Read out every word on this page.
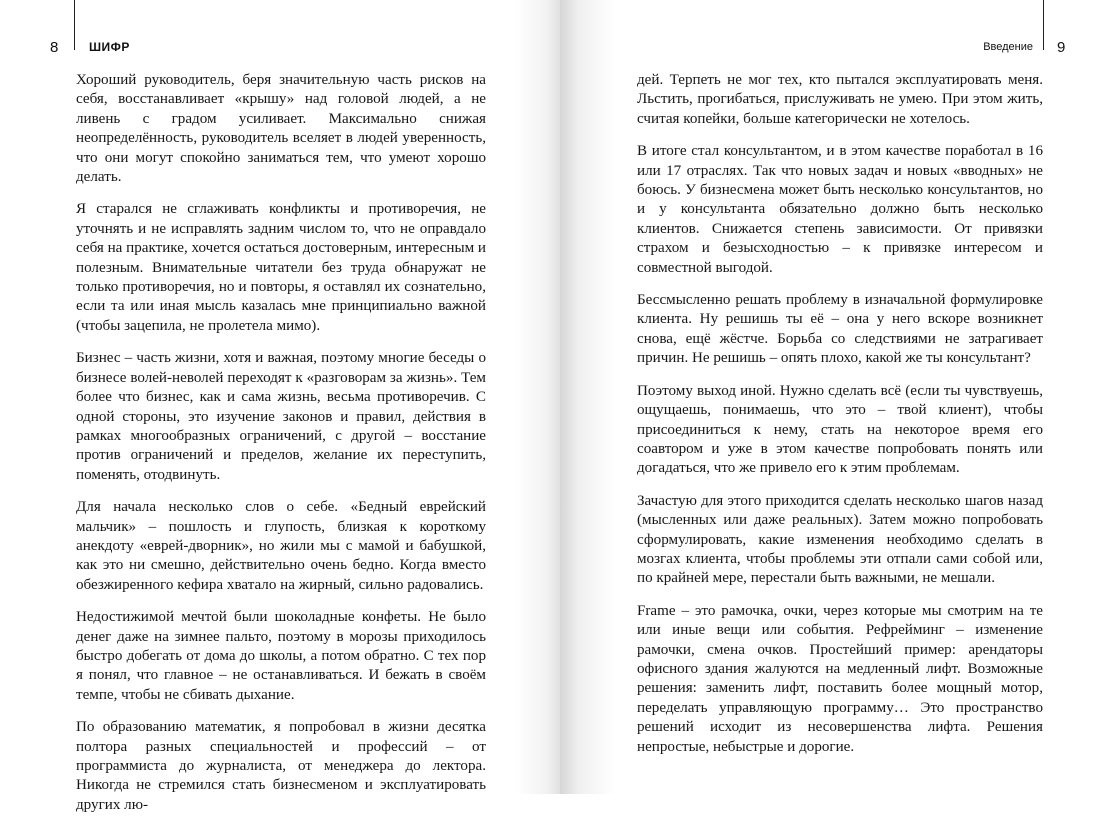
8	ШИФР

Хороший руководитель, беря значительную часть рисков на себя, восстанавливает «крышу» над головой людей, а не ливень с градом усиливает. Максимально снижая неопределённость, руководитель вселяет в людей уверенность, что они могут спокойно заниматься тем, что умеют хорошо делать.

Я старался не сглаживать конфликты и противоречия, не уточнять и не исправлять задним числом то, что не оправдало себя на практике, хочется остаться достоверным, интересным и полезным. Внимательные читатели без труда обнаружат не только противоречия, но и повторы, я оставлял их сознательно, если та или иная мысль казалась мне принципиально важной (чтобы зацепила, не пролетела мимо).

Бизнес – часть жизни, хотя и важная, поэтому многие беседы о бизнесе волей-неволей переходят к «разговорам за жизнь». Тем более что бизнес, как и сама жизнь, весьма противоречив. С одной стороны, это изучение законов и правил, действия в рамках многообразных ограничений, с другой – восстание против ограничений и пределов, желание их переступить, поменять, отодвинуть.

Для начала несколько слов о себе. «Бедный еврейский мальчик» – пошлость и глупость, близкая к короткому анекдоту «еврей-дворник», но жили мы с мамой и бабушкой, как это ни смешно, действительно очень бедно. Когда вместо обезжиренного кефира хватало на жирный, сильно радовались.

Недостижимой мечтой были шоколадные конфеты. Не было денег даже на зимнее пальто, поэтому в морозы приходилось быстро добегать от дома до школы, а потом обратно. С тех пор я понял, что главное – не останавливаться. И бежать в своём темпе, чтобы не сбивать дыхание.

По образованию математик, я попробовал в жизни десятка полтора разных специальностей и профессий – от программиста до журналиста, от менеджера до лектора. Никогда не стремился стать бизнесменом и эксплуатировать других лю-

9
Введение

дей. Терпеть не мог тех, кто пытался эксплуатировать меня. Льстить, прогибаться, прислуживать не умею. При этом жить, считая копейки, больше категорически не хотелось.

В итоге стал консультантом, и в этом качестве поработал в 16 или 17 отраслях. Так что новых задач и новых «вводных» не боюсь. У бизнесмена может быть несколько консультантов, но и у консультанта обязательно должно быть несколько клиентов. Снижается степень зависимости. От привязки страхом и безысходностью – к привязке интересом и совместной выгодой.

Бессмысленно решать проблему в изначальной формулировке клиента. Ну решишь ты её – она у него вскоре возникнет снова, ещё жёстче. Борьба со следствиями не затрагивает причин. Не решишь – опять плохо, какой же ты консультант?

Поэтому выход иной. Нужно сделать всё (если ты чувствуешь, ощущаешь, понимаешь, что это – твой клиент), чтобы присоединиться к нему, стать на некоторое время его соавтором и уже в этом качестве попробовать понять или догадаться, что же привело его к этим проблемам.

Зачастую для этого приходится сделать несколько шагов назад (мысленных или даже реальных). Затем можно попробовать сформулировать, какие изменения необходимо сделать в мозгах клиента, чтобы проблемы эти отпали сами собой или, по крайней мере, перестали быть важными, не мешали.

Frame – это рамочка, очки, через которые мы смотрим на те или иные вещи или события. Рефрейминг – изменение рамочки, смена очков. Простейший пример: арендаторы офисного здания жалуются на медленный лифт. Возможные решения: заменить лифт, поставить более мощный мотор, переделать управляющую программу… Это пространство решений исходит из несовершенства лифта. Решения непростые, небыстрые и дорогие.
